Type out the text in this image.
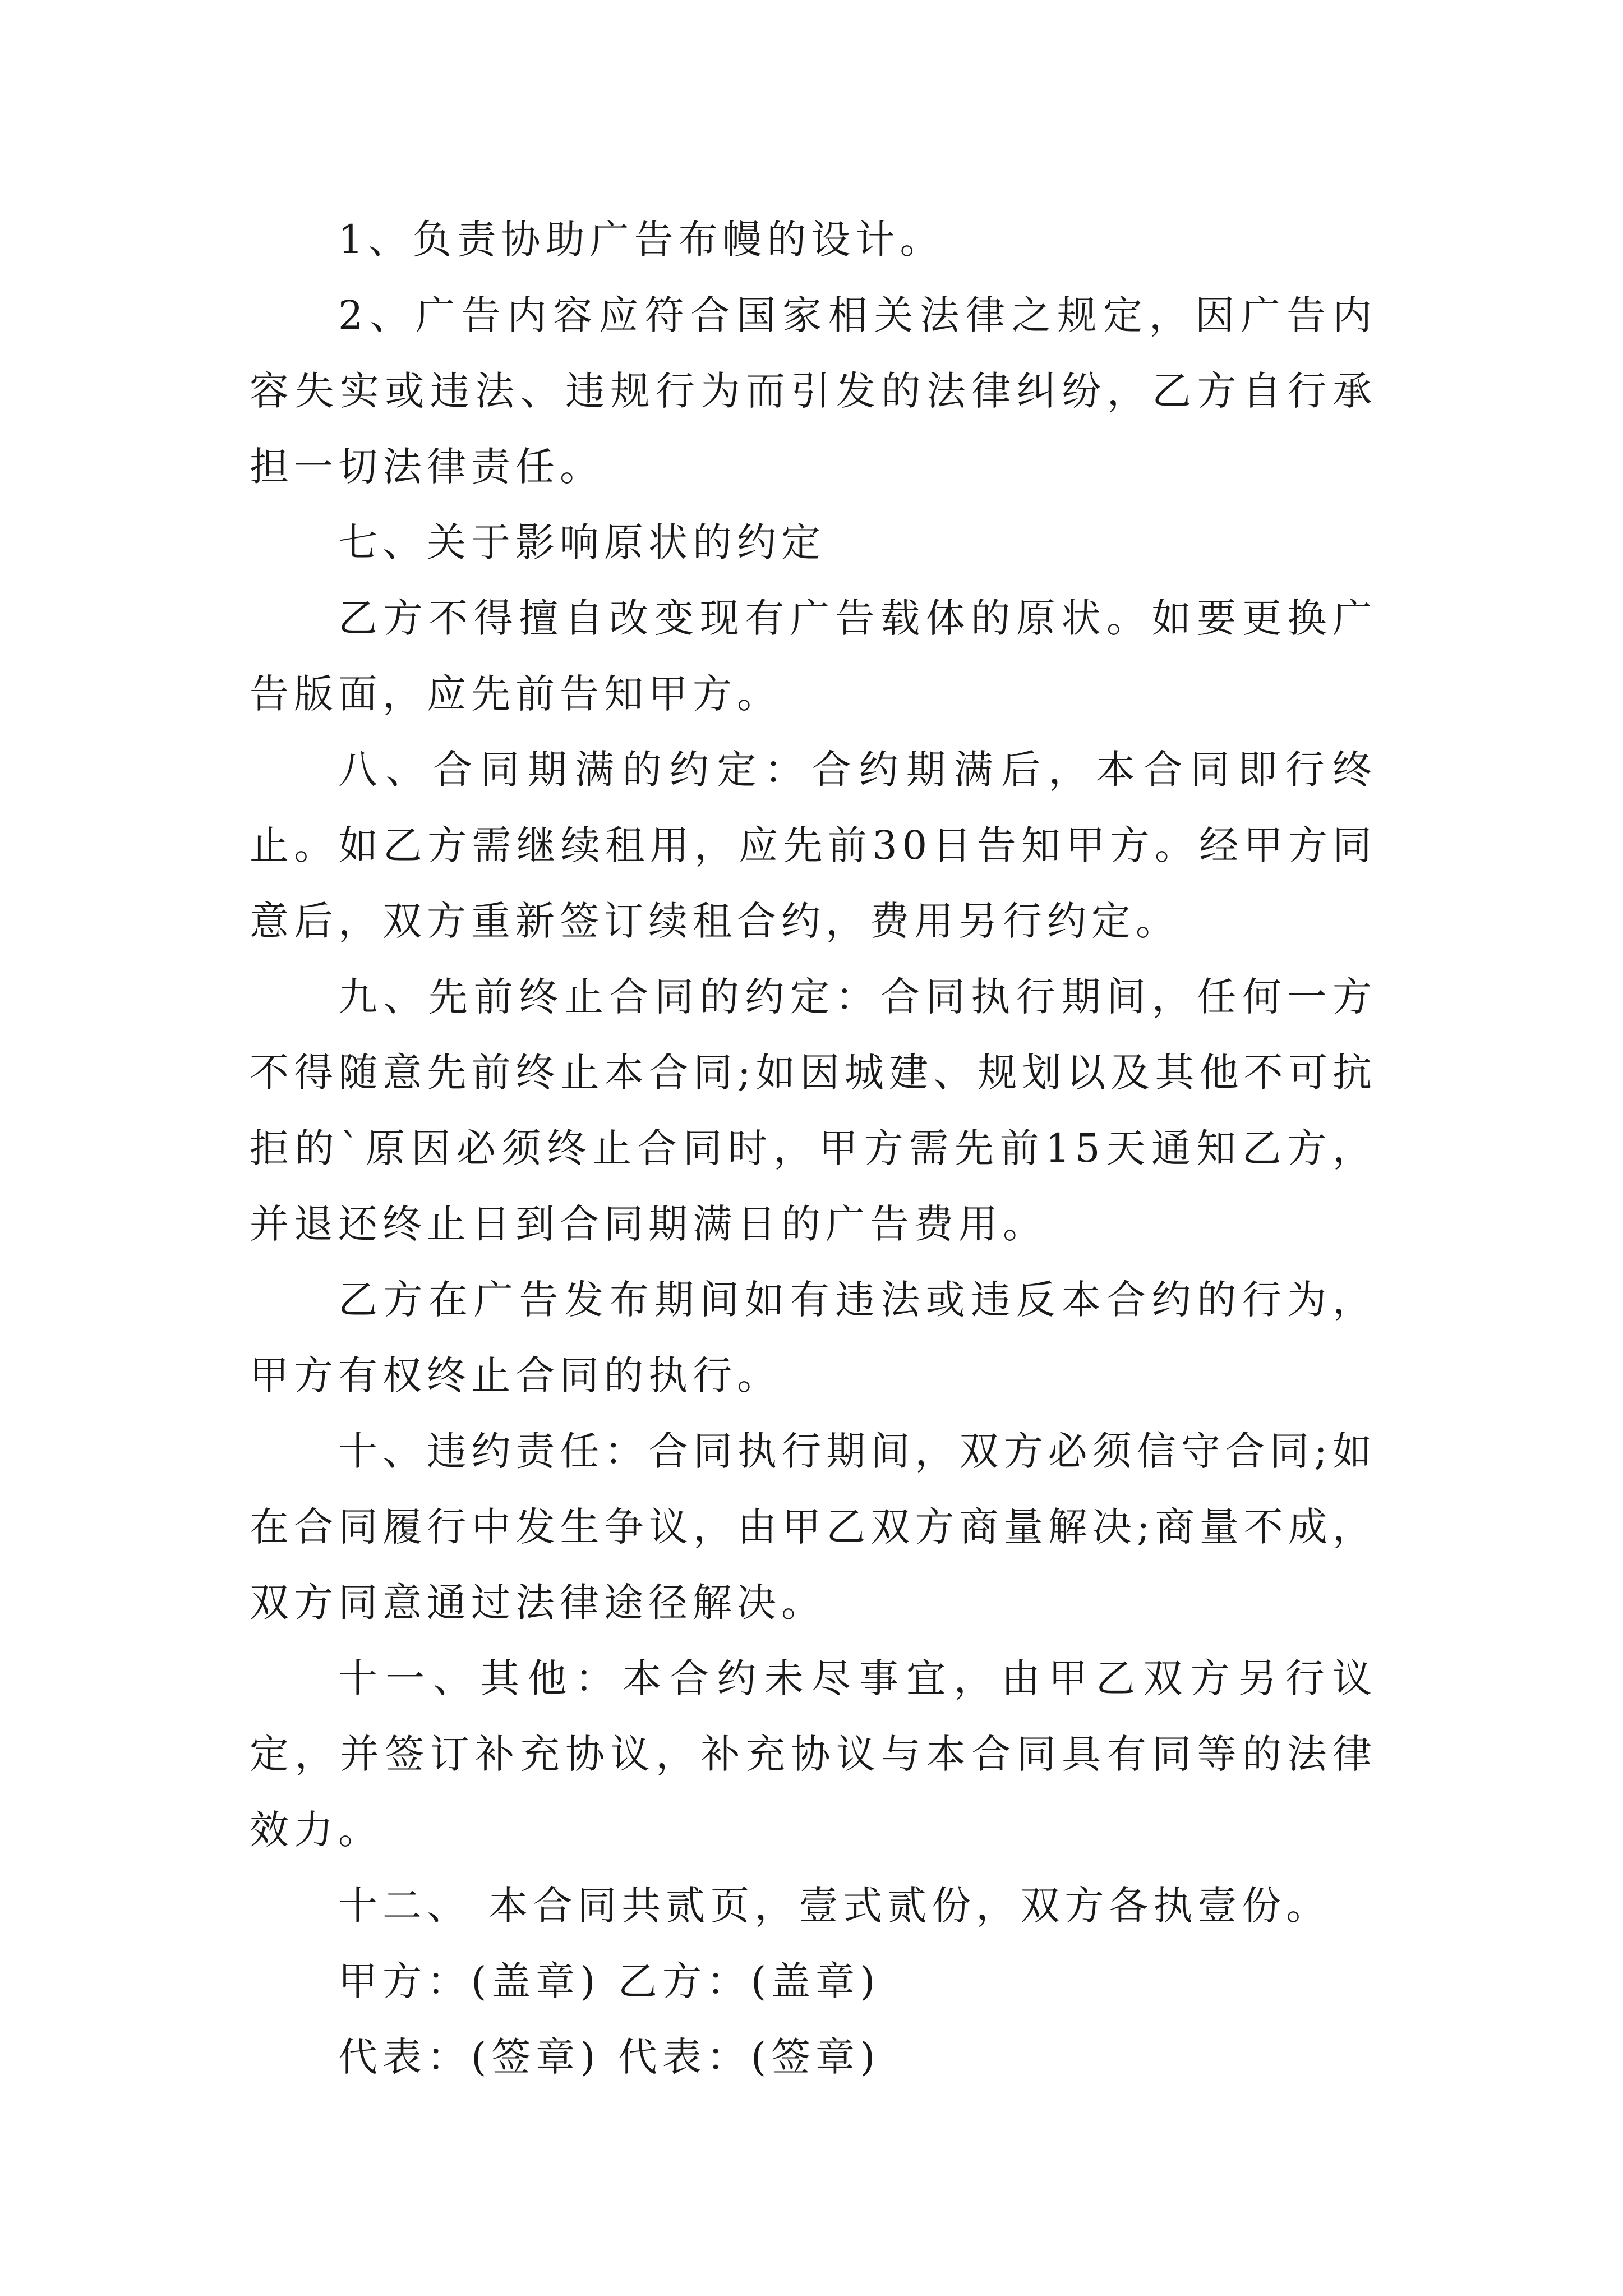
1、负责协助广告布幔的设计。

2、广告内容应符合国家相关法律之规定，因广告内容失实或违法、违规行为而引发的法律纠纷，乙方自行承担一切法律责任。

七、关于影响原状的约定

乙方不得擅自改变现有广告载体的原状。如要更换广告版面，应先前告知甲方。

八、合同期满的约定：合约期满后，本合同即行终止。如乙方需继续租用，应先前30日告知甲方。经甲方同意后，双方重新签订续租合约，费用另行约定。

九、先前终止合同的约定：合同执行期间，任何一方不得随意先前终止本合同;如因城建、规划以及其他不可抗拒的`原因必须终止合同时，甲方需先前15天通知乙方，并退还终止日到合同期满日的广告费用。

乙方在广告发布期间如有违法或违反本合约的行为，甲方有权终止合同的执行。

十、违约责任：合同执行期间，双方必须信守合同;如在合同履行中发生争议，由甲乙双方商量解决;商量不成，双方同意通过法律途径解决。

十一、其他：本合约未尽事宜，由甲乙双方另行议定，并签订补充协议，补充协议与本合同具有同等的法律效力。

十二、 本合同共贰页，壹式贰份，双方各执壹份。

甲方：(盖章) 乙方：(盖章)

代表：(签章) 代表：(签章)
